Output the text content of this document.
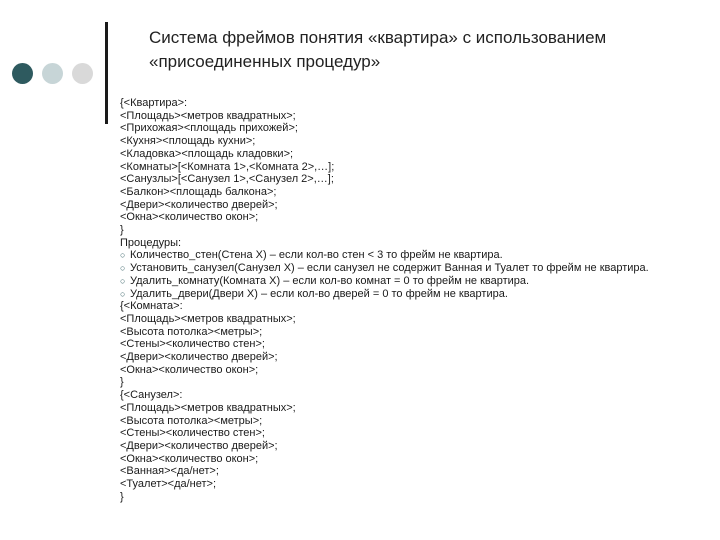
Система фреймов понятия «квартира» с использованием
«присоединенных процедур»
{<Квартира>:
<Площадь><метров квадратных>;
<Прихожая><площадь прихожей>;
<Кухня><площадь кухни>;
<Кладовка><площадь кладовки>;
<Комнаты>[<Комната 1>,<Комната 2>,…];
<Санузлы>[<Санузел 1>,<Санузел 2>,…];
<Балкон><площадь балкона>;
<Двери><количество дверей>;
<Окна><количество окон>;
}
Процедуры:
○ Количество_стен(Стена X) – если кол-во стен < 3 то фрейм не квартира.
○ Установить_санузел(Санузел X) – если санузел не содержит Ванная и Туалет то фрейм не квартира.
○ Удалить_комнату(Комната X) – если кол-во комнат = 0 то фрейм не квартира.
○ Удалить_двери(Двери X) – если кол-во дверей = 0 то фрейм не квартира.
{<Комната>:
<Площадь><метров квадратных>;
<Высота потолка><метры>;
<Стены><количество стен>;
<Двери><количество дверей>;
<Окна><количество окон>;
}
{<Санузел>:
<Площадь><метров квадратных>;
<Высота потолка><метры>;
<Стены><количество стен>;
<Двери><количество дверей>;
<Окна><количество окон>;
<Ванная><да/нет>;
<Туалет><да/нет>;
}
